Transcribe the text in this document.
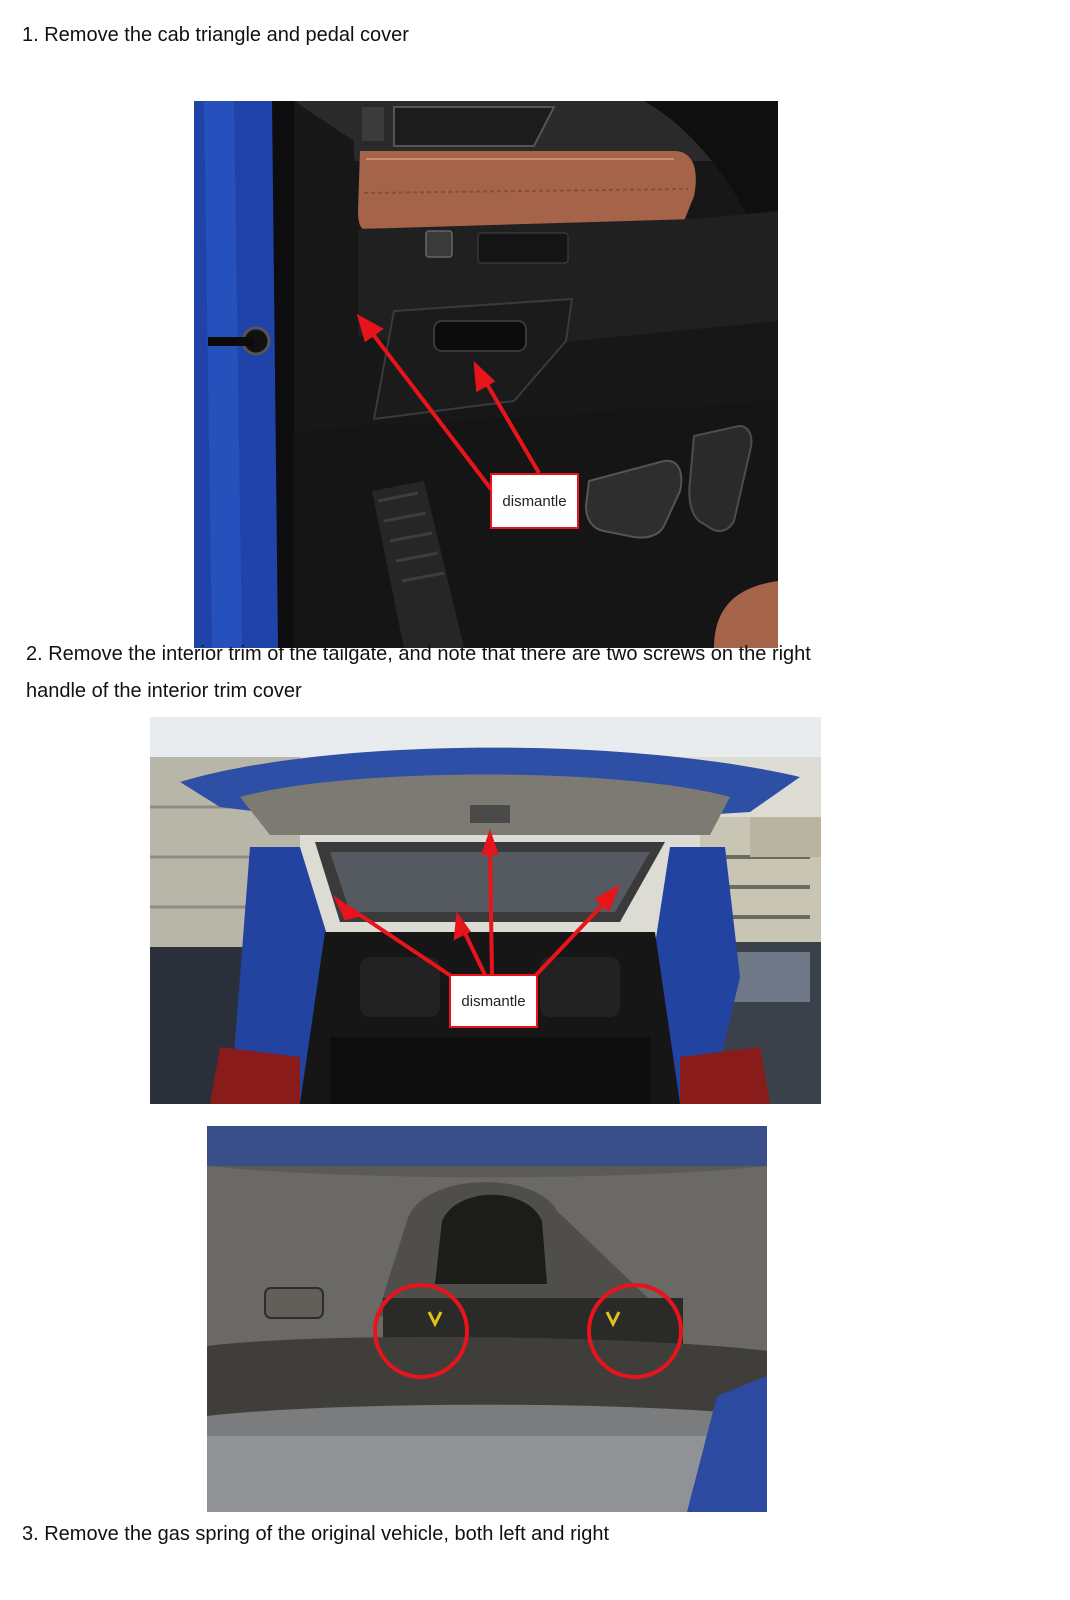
1. Remove the cab triangle and pedal cover

dismantle

2. Remove the interior trim of the tailgate, and note that there are two screws on the right

handle of the interior trim cover

dismantle

3. Remove the gas spring of the original vehicle, both left and right
